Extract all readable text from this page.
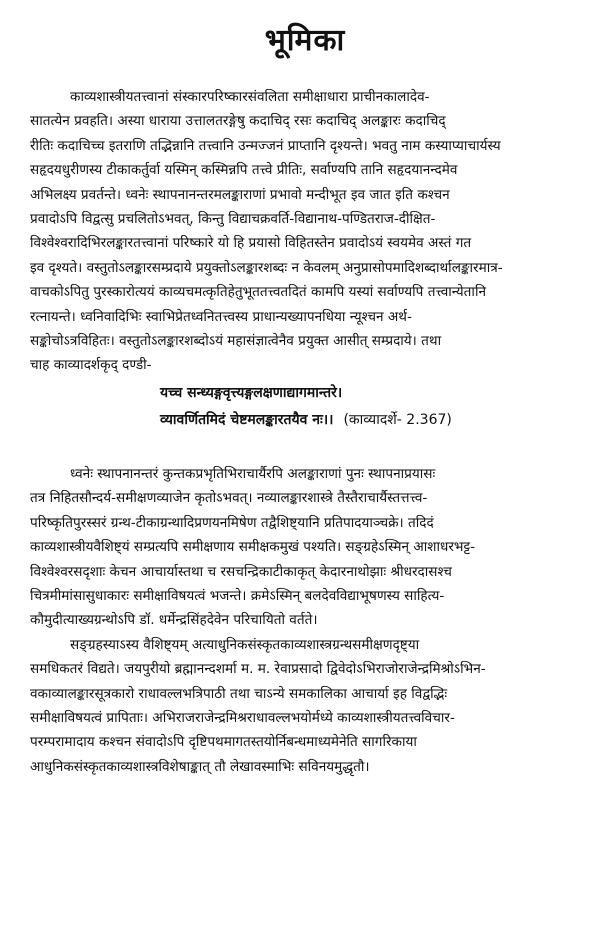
भूमिका

काव्यशास्त्रीयतत्त्वानां संस्कारपरिष्कारसंवलिता समीक्षाधारा प्राचीनकालादेव-
सातत्येन प्रवहति। अस्या धाराया उत्तालतरङ्गेषु कदाचिद् रसः कदाचिद् अलङ्कारः कदाचिद्
रीतिः कदाचिच्च इतराणि तद्भिन्नानि तत्त्वानि उन्मज्जनं प्राप्तानि दृश्यन्ते। भवतु नाम कस्याप्याचार्यस्य
सहृदयधुरीणस्य टीकाकर्तुर्वा यस्मिन् कस्मिन्नपि तत्त्वे प्रीतिः, सर्वाण्यपि तानि सहृदयानन्दमेव
अभिलक्ष्य प्रवर्तन्ते। ध्वनेः स्थापनानन्तरमलङ्काराणां प्रभावो मन्दीभूत इव जात इति कश्चन
प्रवादोऽपि विद्वत्सु प्रचलितोऽभवत्, किन्तु विद्याचक्रवर्ति-विद्यानाथ-पण्डितराज-दीक्षित-
विश्वेश्वरादिभिरलङ्कारतत्त्वानां परिष्कारे यो हि प्रयासो विहितस्तेन प्रवादोऽयं स्वयमेव अस्तं गत
इव दृश्यते। वस्तुतोऽलङ्कारसम्प्रदाये प्रयुक्तोऽलङ्कारशब्दः न केवलम् अनुप्रासोपमादिशब्दार्थालङ्कारमात्र-
वाचकोऽपितु पुरस्कारोत्ययं काव्यचमत्कृतिहेतुभूततत्त्वतदितं कामपि यस्यां सर्वाण्यपि तत्त्वान्येतानि
रत्नायन्ते। ध्वनिवादिभिः स्वाभिप्रेतध्वनितत्त्वस्य प्राधान्यख्यापनधिया न्यूश्चन अर्थ-
सङ्कोचोऽत्रविहितः। वस्तुतोऽलङ्कारशब्दोऽयं महासंज्ञात्वेनैव प्रयुक्त आसीत् सम्प्रदाये। तथा
चाह काव्यादर्शकृद् दण्डी-

यच्च सन्ध्यङ्गवृत्त्यङ्गलक्षणाद्यागमान्तरे।
व्यावर्णितमिदं चेष्टमलङ्कारतयैव नः।। (काव्यादर्शे- 2.367)

ध्वनेः स्थापनानन्तरं कुन्तकप्रभृतिभिराचार्यैरपि अलङ्काराणां पुनः स्थापनाप्रयासः
तत्र निहितसौन्दर्य-समीक्षणव्याजेन कृतोऽभवत्। नव्यालङ्कारशास्त्रे तैस्तैराचार्यैस्तत्तत्त्व-
परिष्कृतिपुरस्सरं ग्रन्थ-टीकाग्रन्थादिप्रणयनमिषेण तद्वैशिष्ट्यानि प्रतिपादयाञ्चक्रे। तदिदं
काव्यशास्त्रीयवैशिष्ट्यं सम्प्रत्यपि समीक्षणाय समीक्षकमुखं पश्यति। सङ्ग्रहेऽस्मिन् आशाधरभट्ट-
विश्वेश्वरसदृशाः केचन आचार्यास्तथा च रसचन्द्रिकाटीकाकृत् केदारनाथोझाः श्रीधरदासश्च
चित्रमीमांसासुधाकारः समीक्षाविषयत्वं भजन्ते। क्रमेऽस्मिन् बलदेवविद्याभूषणस्य साहित्य-
कौमुदीत्याख्यग्रन्थोऽपि डॉ. धर्मेन्द्रसिंहदेवेन परिचायितो वर्तते।

सङ्ग्रहस्याऽस्य वैशिष्ट्यम् अत्याधुनिकसंस्कृतकाव्यशास्त्रग्रन्थसमीक्षणदृष्ट्या
समधिकतरं विद्यते। जयपुरीयो ब्रह्मानन्दशर्मा म. म. रेवाप्रसादो द्विवेदोऽभिराजोराजेन्द्रमिश्रोऽभिन-
वकाव्यालङ्कारसूत्रकारो राधावल्लभत्रिपाठी तथा चाऽन्ये समकालिका आचार्या इह विद्वद्भिः
समीक्षाविषयत्वं प्रापिताः। अभिराजराजेन्द्रमिश्रराधावल्लभयोर्मध्ये काव्यशास्त्रीयतत्त्वविचार-
परम्परामादाय कश्चन संवादोऽपि दृष्टिपथमागतस्तयोर्निबन्धमाध्यमेनेति सागरिकाया
आधुनिकसंस्कृतकाव्यशास्त्रविशेषाङ्कात् तौ लेखावस्माभिः सविनयमुद्धृतौ।
